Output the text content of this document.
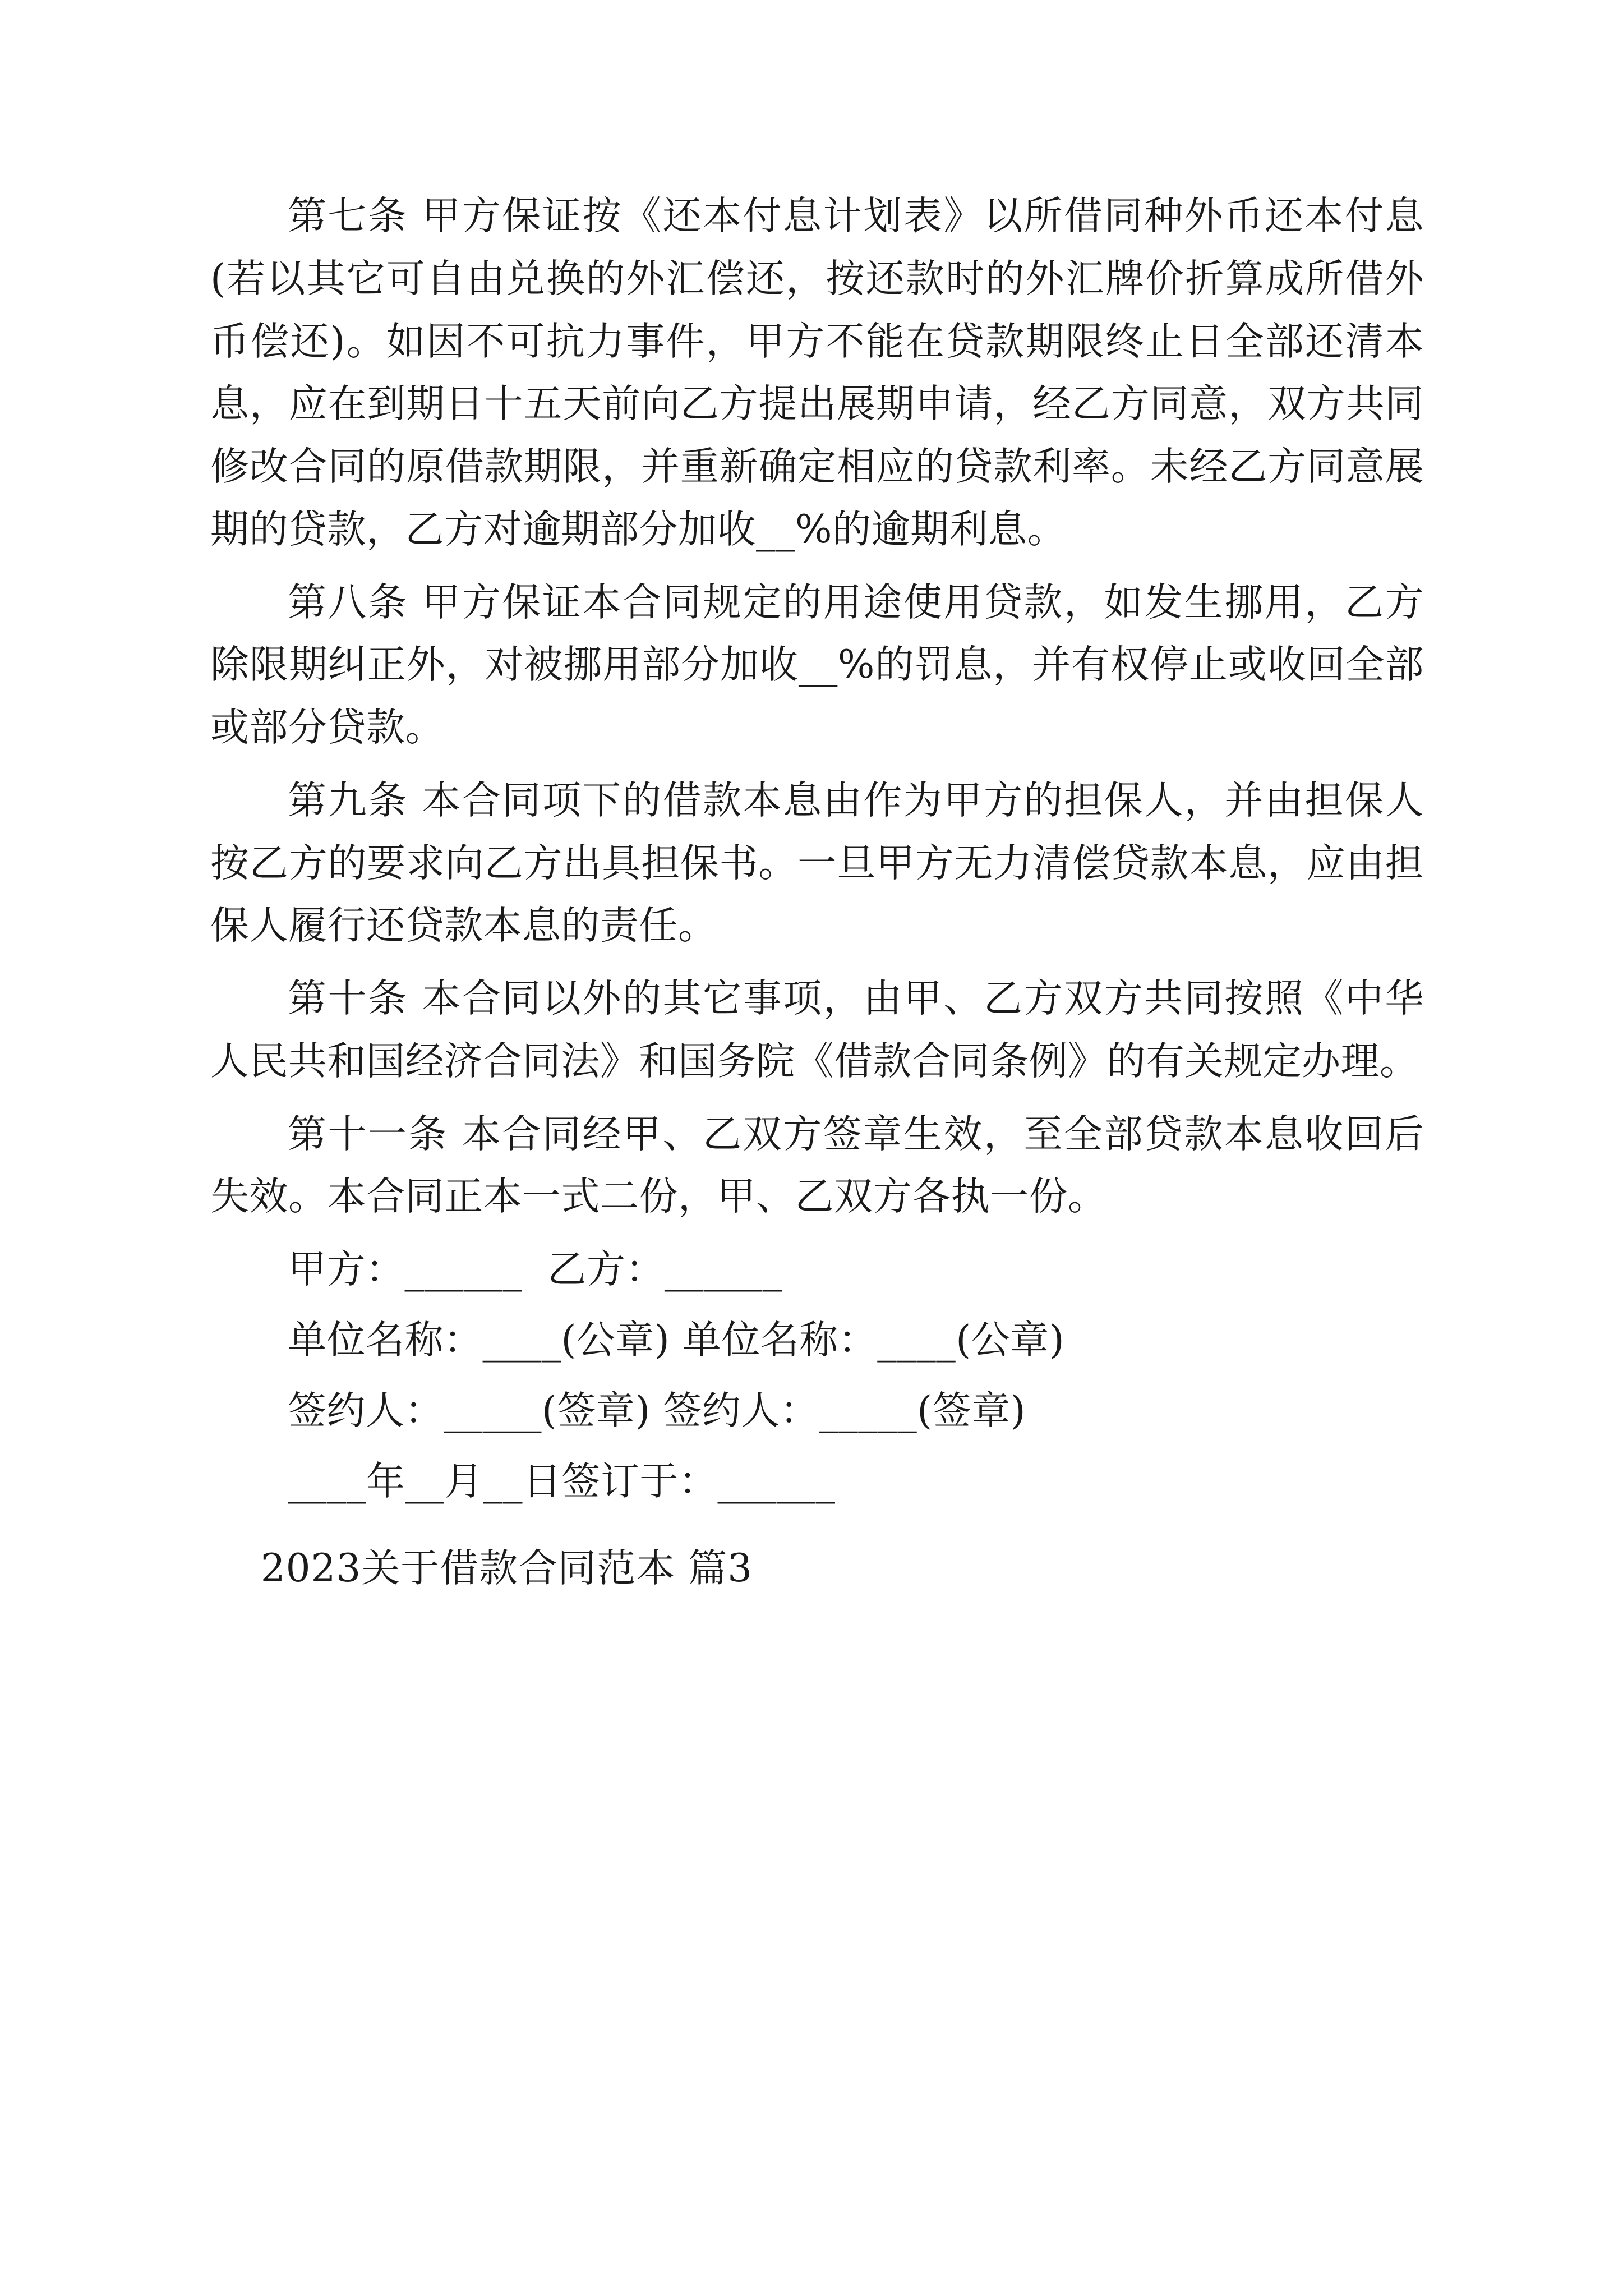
第七条 甲方保证按《还本付息计划表》以所借同种外币还本付息(若以其它可自由兑换的外汇偿还，按还款时的外汇牌价折算成所借外币偿还)。如因不可抗力事件，甲方不能在贷款期限终止日全部还清本息，应在到期日十五天前向乙方提出展期申请，经乙方同意，双方共同修改合同的原借款期限，并重新确定相应的贷款利率。未经乙方同意展期的贷款，乙方对逾期部分加收__%的逾期利息。

第八条 甲方保证本合同规定的用途使用贷款，如发生挪用，乙方除限期纠正外，对被挪用部分加收__%的罚息，并有权停止或收回全部或部分贷款。

第九条 本合同项下的借款本息由作为甲方的担保人，并由担保人按乙方的要求向乙方出具担保书。一旦甲方无力清偿贷款本息，应由担保人履行还贷款本息的责任。

第十条 本合同以外的其它事项，由甲、乙方双方共同按照《中华人民共和国经济合同法》和国务院《借款合同条例》的有关规定办理。

第十一条 本合同经甲、乙双方签章生效，至全部贷款本息收回后失效。本合同正本一式二份，甲、乙双方各执一份。

甲方：______  乙方：______

单位名称：____(公章) 单位名称：____(公章)

签约人：_____(签章) 签约人：_____(签章)

____年__月__日签订于：______

2023关于借款合同范本 篇3
